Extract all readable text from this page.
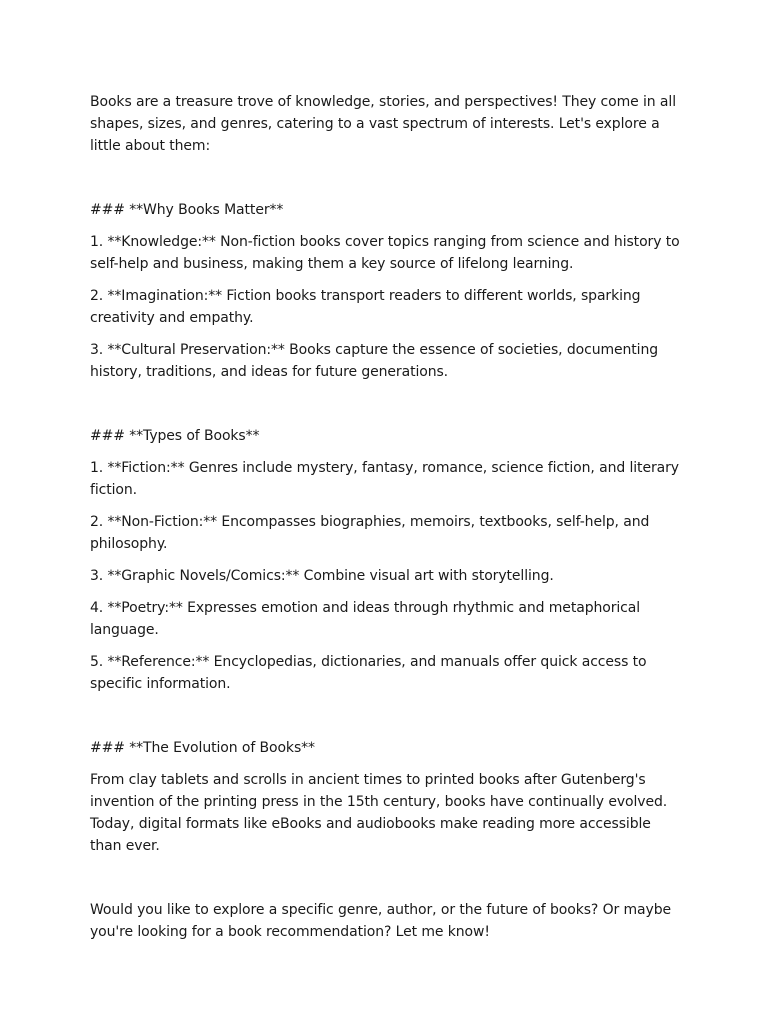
Books are a treasure trove of knowledge, stories, and perspectives! They come in all shapes, sizes, and genres, catering to a vast spectrum of interests. Let's explore a little about them:

### **Why Books Matter**

1. **Knowledge:** Non-fiction books cover topics ranging from science and history to self-help and business, making them a key source of lifelong learning.

2. **Imagination:** Fiction books transport readers to different worlds, sparking creativity and empathy.

3. **Cultural Preservation:** Books capture the essence of societies, documenting history, traditions, and ideas for future generations.

### **Types of Books**

1. **Fiction:** Genres include mystery, fantasy, romance, science fiction, and literary fiction.

2. **Non-Fiction:** Encompasses biographies, memoirs, textbooks, self-help, and philosophy.

3. **Graphic Novels/Comics:** Combine visual art with storytelling.

4. **Poetry:** Expresses emotion and ideas through rhythmic and metaphorical language.

5. **Reference:** Encyclopedias, dictionaries, and manuals offer quick access to specific information.

### **The Evolution of Books**

From clay tablets and scrolls in ancient times to printed books after Gutenberg's invention of the printing press in the 15th century, books have continually evolved. Today, digital formats like eBooks and audiobooks make reading more accessible than ever.

Would you like to explore a specific genre, author, or the future of books? Or maybe you're looking for a book recommendation? Let me know!
